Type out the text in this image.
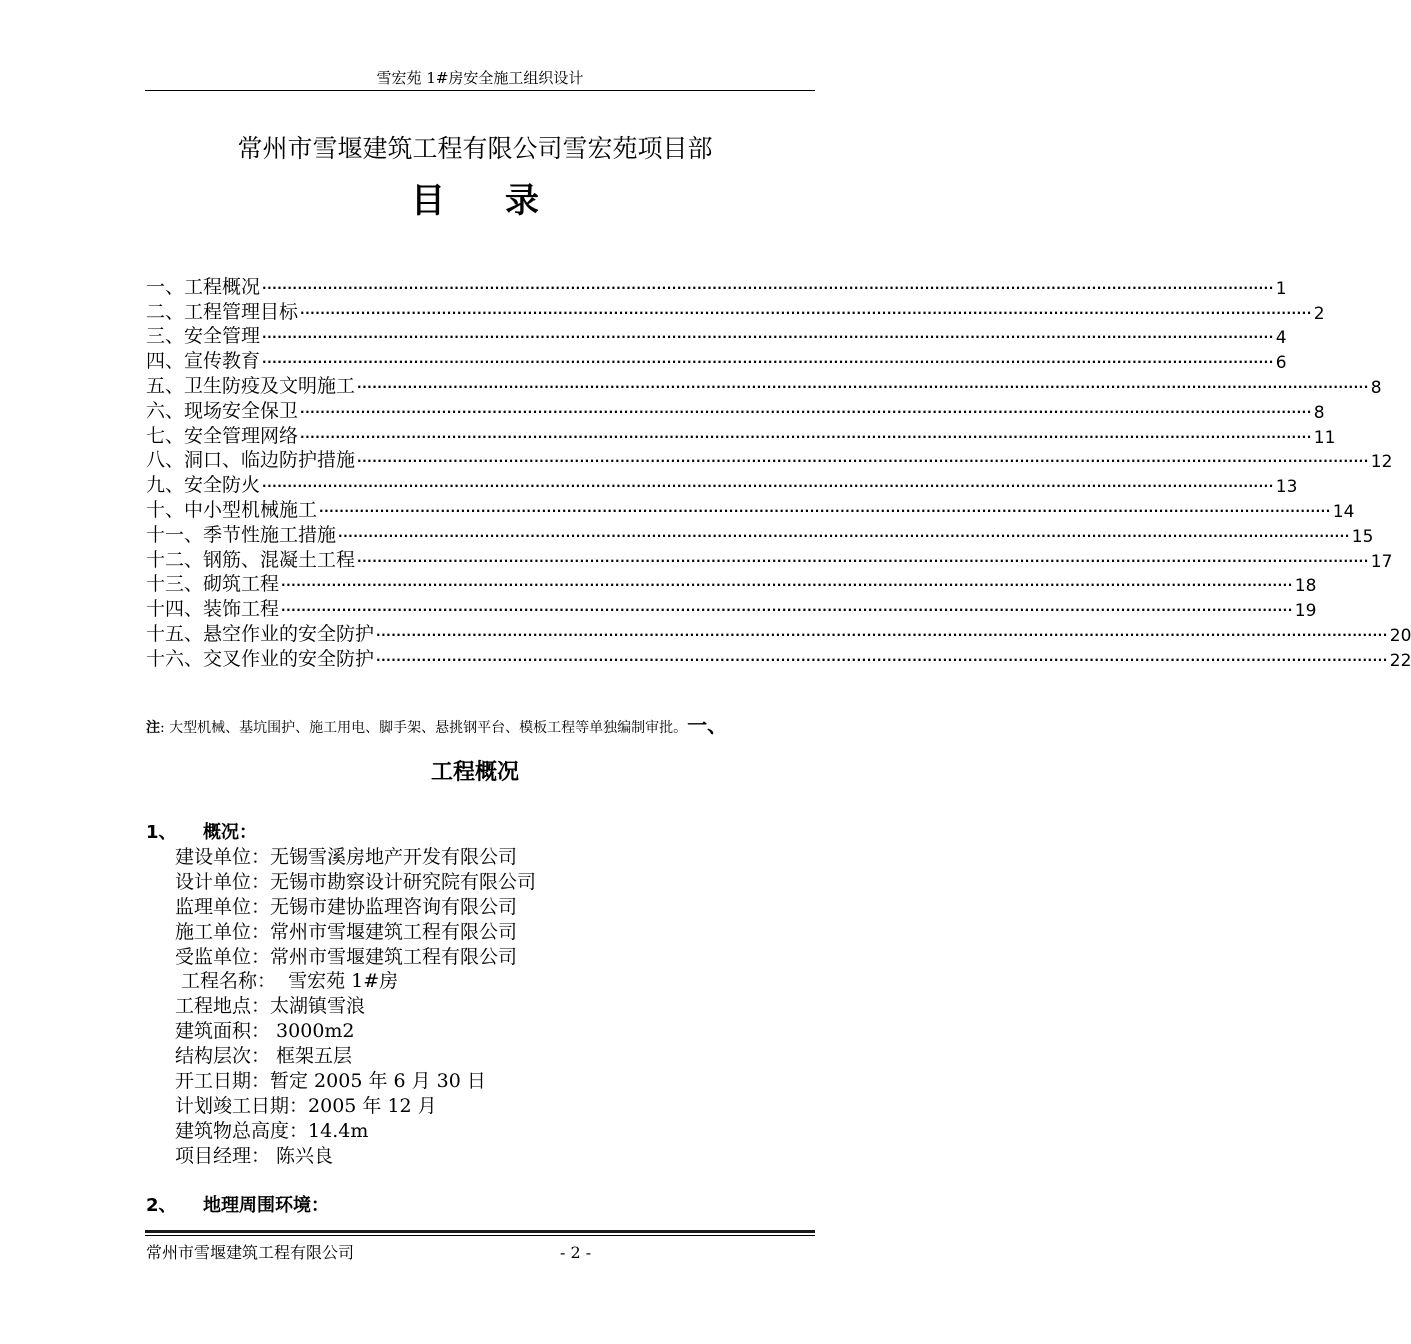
雪宏苑 1#房安全施工组织设计
常州市雪堰建筑工程有限公司雪宏苑项目部
目 录
一、 工程概况 ········································································································································································································ 1
二、 工程管理目标 ········································································································································································································ 2
三、 安全管理 ········································································································································································································ 4
四、 宣传教育 ········································································································································································································ 6
五、 卫生防疫及文明施工 ········································································································································································································ 8
六、 现场安全保卫 ········································································································································································································ 8
七、 安全管理网络 ········································································································································································································ 11
八、 洞口、临边防护措施 ········································································································································································································ 12
九、 安全防火 ········································································································································································································ 13
十、 中小型机械施工 ········································································································································································································ 14
十一、 季节性施工措施 ········································································································································································································ 15
十二、 钢筋、混凝土工程 ········································································································································································································ 17
十三、 砌筑工程 ········································································································································································································ 18
十四、 装饰工程 ········································································································································································································ 19
十五、 悬空作业的安全防护 ········································································································································································································ 20
十六、 交叉作业的安全防护 ········································································································································································································ 22
注: 大型机械、基坑围护、施工用电、脚手架、悬挑钢平台、模板工程等单独编制审批。一、
工程概况
1、 概况：
建设单位：无锡雪溪房地产开发有限公司
设计单位：无锡市勘察设计研究院有限公司
监理单位：无锡市建协监理咨询有限公司
施工单位：常州市雪堰建筑工程有限公司
受监单位：常州市雪堰建筑工程有限公司
工程名称：  雪宏苑 1#房
工程地点：太湖镇雪浪
建筑面积： 3000m2
结构层次： 框架五层
开工日期：暂定 2005 年 6 月 30 日
计划竣工日期：2005 年 12 月
建筑物总高度：14.4m
项目经理： 陈兴良
2、 地理周围环境：
常州市雪堰建筑工程有限公司	- 2 -
